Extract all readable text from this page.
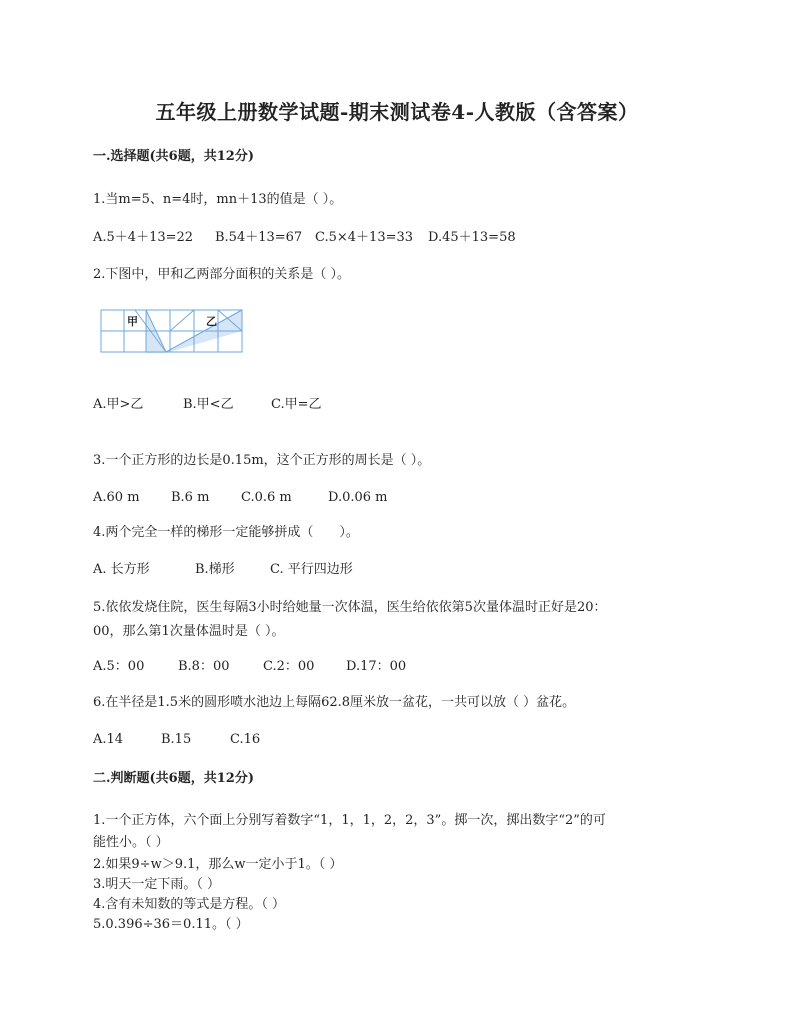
五年级上册数学试题-期末测试卷4-人教版（含答案）
一.选择题(共6题，共12分)
1.当m=5、n=4时，mn＋13的值是（ ）。
A.5＋4＋13=22 B.54＋13=67 C.5×4＋13=33 D.45＋13=58
2.下图中，甲和乙两部分面积的关系是（ ）。
甲	乙
A.甲>乙	B.甲<乙	C.甲=乙
3.一个正方形的边长是0.15m，这个正方形的周长是（ ）。
A.60 m B.6 m C.0.6 m	D.0.06 m
4.两个完全一样的梯形一定能够拼成（　　）。
A. 长方形	B.梯形	C. 平行四边形
5.依依发烧住院，医生每隔3小时给她量一次体温，医生给依依第5次量体温时正好是20：
00，那么第1次量体温时是（ ）。
A.5：00	B.8：00	C.2：00 D.17：00
6.在半径是1.5米的圆形喷水池边上每隔62.8厘米放一盆花，一共可以放（ ）盆花。
A.14	B.15	C.16
二.判断题(共6题，共12分)
1.一个正方体，六个面上分别写着数字“1，1，1，2，2，3”。掷一次，掷出数字“2”的可
能性小。（ ）
2.如果9÷w＞9.1，那么w一定小于1。（ ）
3.明天一定下雨。（ ）
4.含有未知数的等式是方程。（ ）
5.0.396÷36＝0.11。（ ）
